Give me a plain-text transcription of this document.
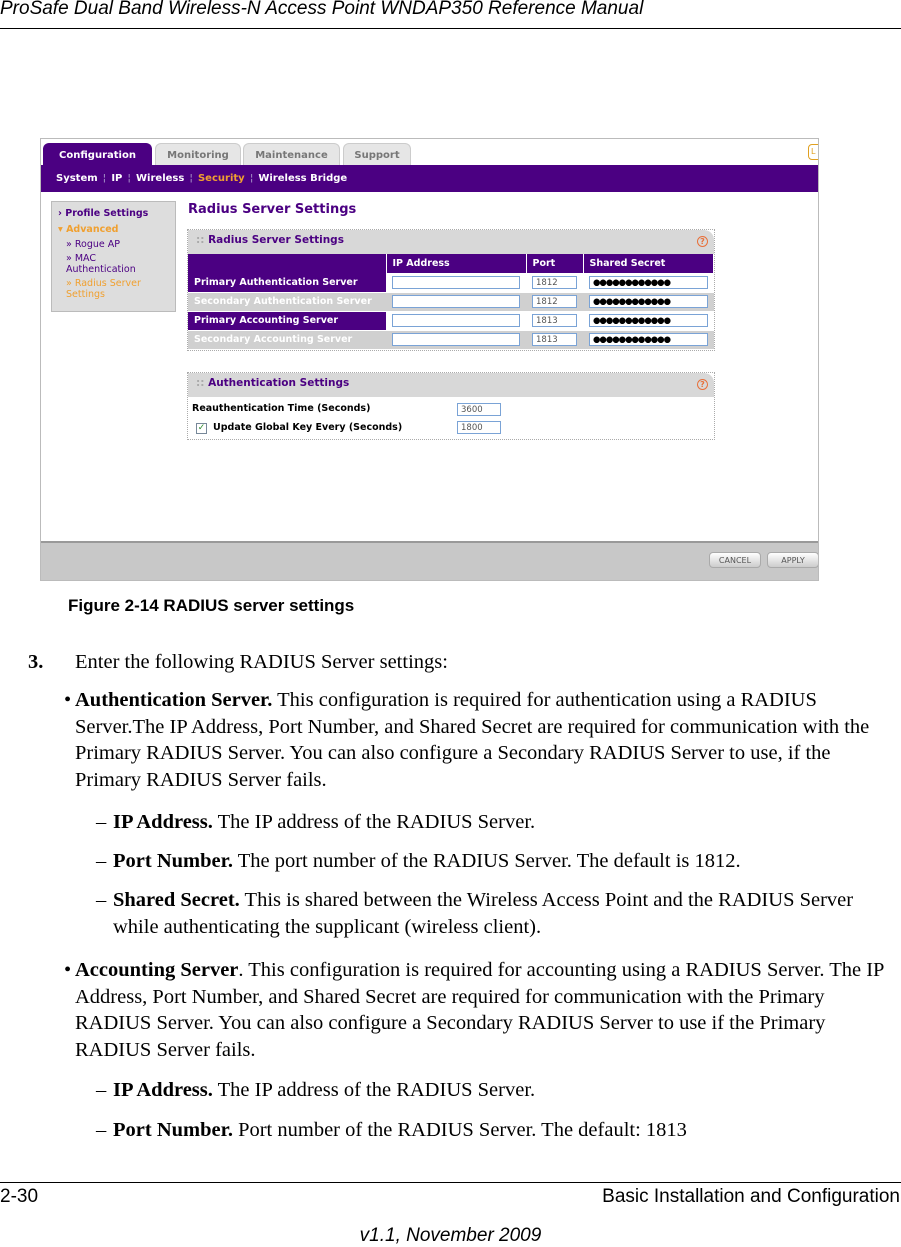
ProSafe Dual Band Wireless-N Access Point WNDAP350 Reference Manual
Configuration	Monitoring	Maintenance	Support	L
System ¦ IP ¦ Wireless ¦ Security ¦ Wireless Bridge
› Profile Settings
▾ Advanced
» Rogue AP
» MAC Authentication
» Radius Server Settings
Radius Server Settings
:: Radius Server Settings	?
	IP Address	Port	Shared Secret
Primary Authentication Server		1812	●●●●●●●●●●●●

Secondary Authentication Server		1812	●●●●●●●●●●●●

Primary Accounting Server		1813	●●●●●●●●●●●●

Secondary Accounting Server		1813	●●●●●●●●●●●●
:: Authentication Settings	?
Reauthentication Time (Seconds)	3600
✓ Update Global Key Every (Seconds)	1800
CANCEL	APPLY
Figure 2-14 RADIUS server settings
3. Enter the following RADIUS Server settings:
• Authentication Server. This configuration is required for authentication using a RADIUS Server.The IP Address, Port Number, and Shared Secret are required for communication with the Primary RADIUS Server. You can also configure a Secondary RADIUS Server to use, if the Primary RADIUS Server fails.
– IP Address. The IP address of the RADIUS Server.
– Port Number. The port number of the RADIUS Server. The default is 1812.
– Shared Secret. This is shared between the Wireless Access Point and the RADIUS Server while authenticating the supplicant (wireless client).
• Accounting Server. This configuration is required for accounting using a RADIUS Server. The IP Address, Port Number, and Shared Secret are required for communication with the Primary RADIUS Server. You can also configure a Secondary RADIUS Server to use if the Primary RADIUS Server fails.
– IP Address. The IP address of the RADIUS Server.
– Port Number. Port number of the RADIUS Server. The default: 1813
2-30	Basic Installation and Configuration
v1.1, November 2009
